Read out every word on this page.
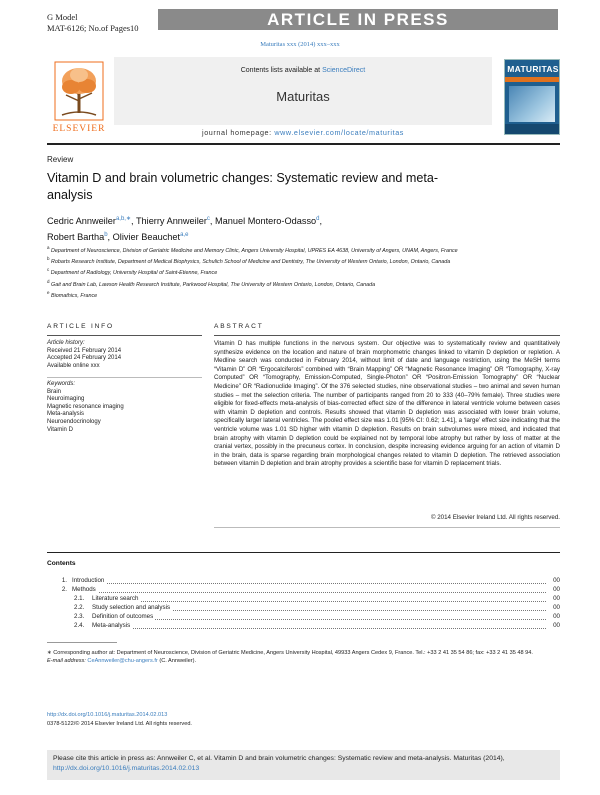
G Model
MAT-6126; No.of Pages10	ARTICLE IN PRESS
Maturitas xxx (2014) xxx–xxx
ELSEVIER
Contents lists available at ScienceDirect
Maturitas
journal homepage: www.elsevier.com/locate/maturitas
MATURITAS
Review
Vitamin D and brain volumetric changes: Systematic review and meta-analysis
Cedric Annweiler$^{a,b,∗}$, Thierry Annweiler$^c$, Manuel Montero-Odasso$^d$,
Robert Bartha$^b$, Olivier Beauchet$^{a,e}$
$^a$ Department of Neuroscience, Division of Geriatric Medicine and Memory Clinic, Angers University Hospital, UPRES EA 4638, University of Angers, UNAM, Angers, France
$^b$ Robarts Research Institute, Department of Medical Biophysics, Schulich School of Medicine and Dentistry, The University of Western Ontario, London, Ontario, Canada
$^c$ Department of Radiology, University Hospital of Saint-Etienne, France
$^d$ Gait and Brain Lab, Lawson Health Research Institute, Parkwood Hospital, The University of Western Ontario, London, Ontario, Canada
$^e$ Biomathics, France
ARTICLE INFO
Article history:
Received 21 February 2014
Accepted 24 February 2014
Available online xxx
Keywords:
Brain
Neuroimaging
Magnetic resonance imaging
Meta-analysis
Neuroendocrinology
Vitamin D
ABSTRACT
Vitamin D has multiple functions in the nervous system. Our objective was to systematically review and quantitatively synthesize evidence on the location and nature of brain morphometric changes linked to vitamin D depletion or repletion. A Medline search was conducted in February 2014, without limit of date and language restriction, using the MeSH terms “Vitamin D” OR “Ergocalciferols” combined with “Brain Mapping” OR “Magnetic Resonance Imaging” OR “Tomography, X-ray Computed” OR “Tomography, Emission-Computed, Single-Photon” OR “Positron-Emission Tomography” OR “Nuclear Medicine” OR “Radionuclide Imaging”. Of the 376 selected studies, nine observational studies – two animal and seven human studies – met the selection criteria. The number of participants ranged from 20 to 333 (40–79% female). Three studies were eligible for fixed-effects meta-analysis of bias-corrected effect size of the difference in lateral ventricle volume between cases with vitamin D depletion and controls. Results showed that vitamin D depletion was associated with lower brain volume, specifically larger lateral ventricles. The pooled effect size was 1.01 [95% CI: 0.62; 1.41], a ‘large’ effect size indicating that the ventricle volume was 1.01 SD higher with vitamin D depletion. Results on brain subvolumes were mixed, and indicated that brain atrophy with vitamin D depletion could be explained not by temporal lobe atrophy but rather by loss of matter at the cranial vertex, possibly in the precuneus cortex. In conclusion, despite increasing evidence arguing for an action of vitamin D in the brain, data is sparse regarding brain morphological changes related to vitamin D depletion. The retrieved association between vitamin D depletion and brain atrophy provides a scientific base for vitamin D replacement trials.
© 2014 Elsevier Ireland Ltd. All rights reserved.
Contents
1. Introduction	00
2. Methods	00
2.1. Literature search	00
2.2. Study selection and analysis	00
2.3. Definition of outcomes	00
2.4. Meta-analysis	00
∗ Corresponding author at: Department of Neuroscience, Division of Geriatric Medicine, Angers University Hospital, 49933 Angers Cedex 9, France. Tel.: +33 2 41 35 54 86; fax: +33 2 41 35 48 94.
E-mail address: CeAnnweiler@chu-angers.fr (C. Annweiler).
http://dx.doi.org/10.1016/j.maturitas.2014.02.013
0378-5122/© 2014 Elsevier Ireland Ltd. All rights reserved.
Please cite this article in press as: Annweiler C, et al. Vitamin D and brain volumetric changes: Systematic review and meta-analysis. Maturitas (2014), http://dx.doi.org/10.1016/j.maturitas.2014.02.013
